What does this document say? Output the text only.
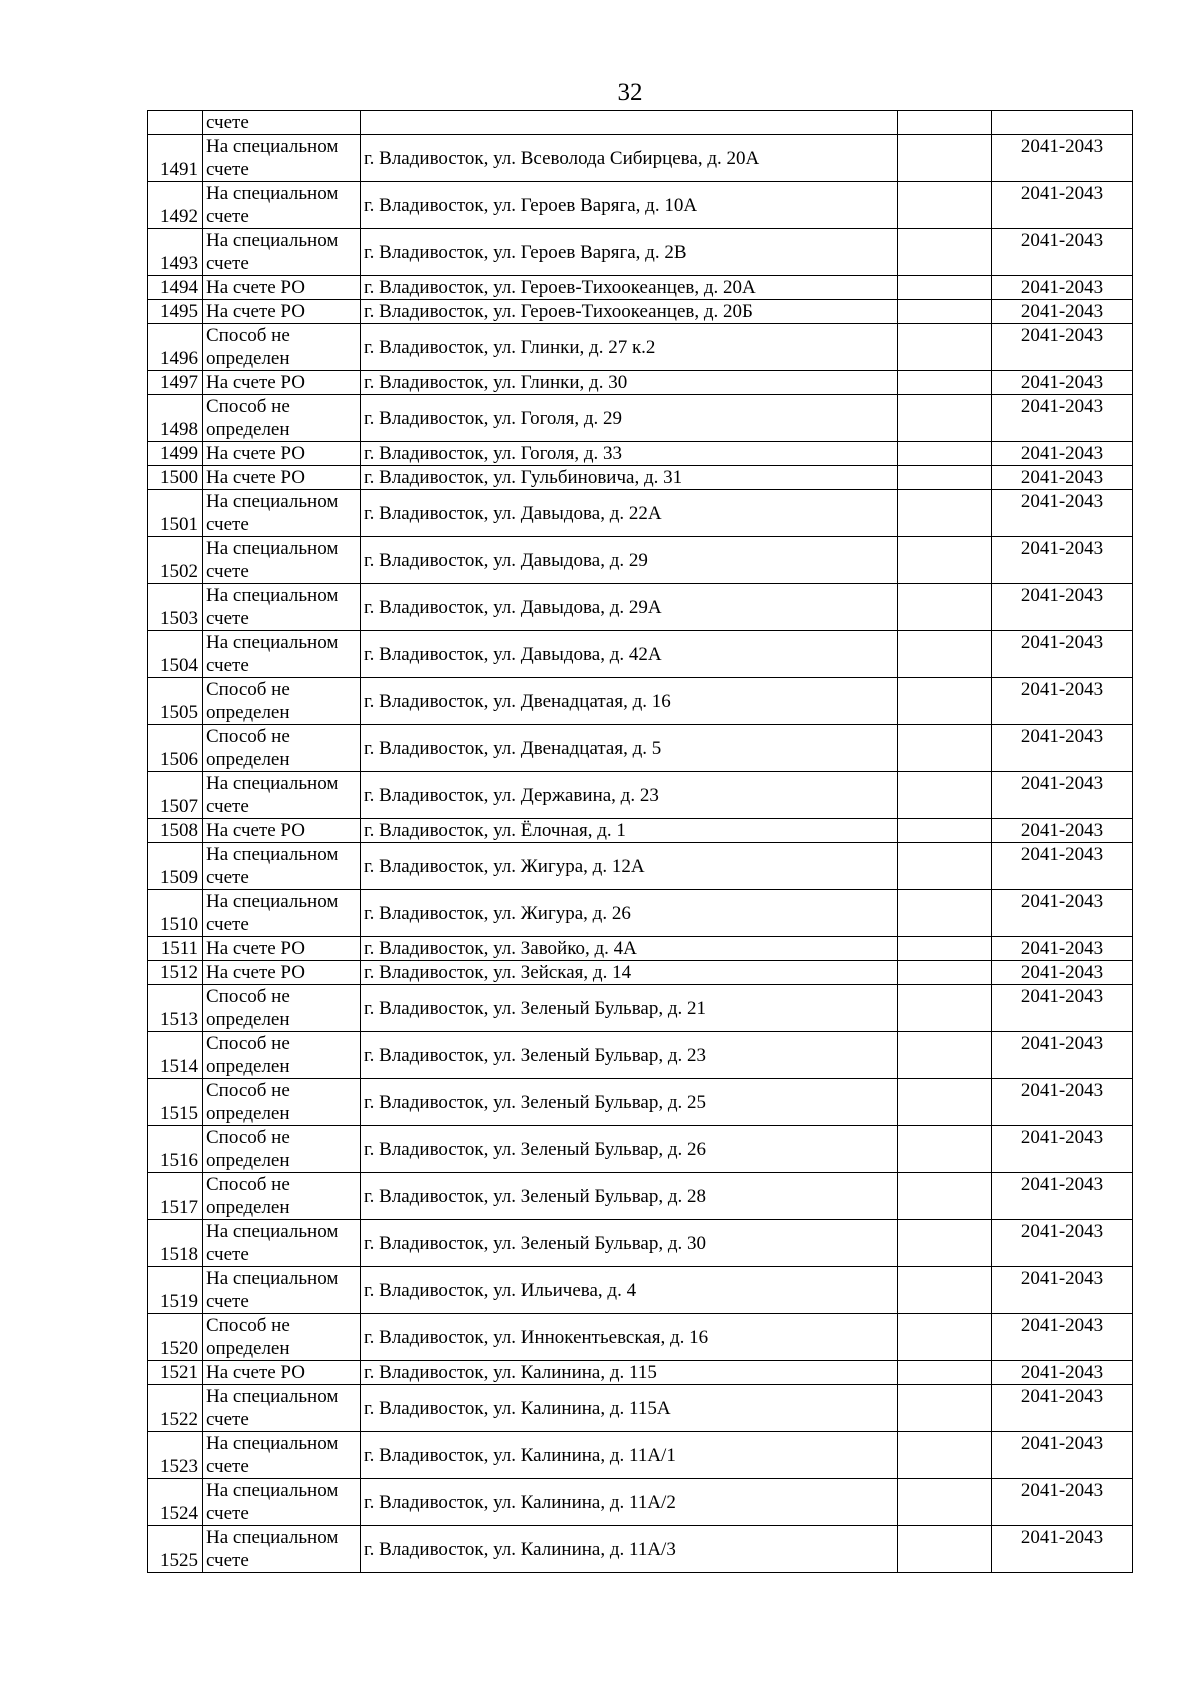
32
	счете			
1491	На специальном счете	г. Владивосток, ул. Всеволода Сибирцева, д. 20А		2041-2043
1492	На специальном счете	г. Владивосток, ул. Героев Варяга, д. 10А		2041-2043
1493	На специальном счете	г. Владивосток, ул. Героев Варяга, д. 2В		2041-2043
1494	На счете РО	г. Владивосток, ул. Героев-Тихоокеанцев, д. 20А		2041-2043
1495	На счете РО	г. Владивосток, ул. Героев-Тихоокеанцев, д. 20Б		2041-2043
1496	Способ не определен	г. Владивосток, ул. Глинки, д. 27 к.2		2041-2043
1497	На счете РО	г. Владивосток, ул. Глинки, д. 30		2041-2043
1498	Способ не определен	г. Владивосток, ул. Гоголя, д. 29		2041-2043
1499	На счете РО	г. Владивосток, ул. Гоголя, д. 33		2041-2043
1500	На счете РО	г. Владивосток, ул. Гульбиновича, д. 31		2041-2043
1501	На специальном счете	г. Владивосток, ул. Давыдова, д. 22А		2041-2043
1502	На специальном счете	г. Владивосток, ул. Давыдова, д. 29		2041-2043
1503	На специальном счете	г. Владивосток, ул. Давыдова, д. 29А		2041-2043
1504	На специальном счете	г. Владивосток, ул. Давыдова, д. 42А		2041-2043
1505	Способ не определен	г. Владивосток, ул. Двенадцатая, д. 16		2041-2043
1506	Способ не определен	г. Владивосток, ул. Двенадцатая, д. 5		2041-2043
1507	На специальном счете	г. Владивосток, ул. Державина, д. 23		2041-2043
1508	На счете РО	г. Владивосток, ул. Ёлочная, д. 1		2041-2043
1509	На специальном счете	г. Владивосток, ул. Жигура, д. 12А		2041-2043
1510	На специальном счете	г. Владивосток, ул. Жигура, д. 26		2041-2043
1511	На счете РО	г. Владивосток, ул. Завойко, д. 4А		2041-2043
1512	На счете РО	г. Владивосток, ул. Зейская, д. 14		2041-2043
1513	Способ не определен	г. Владивосток, ул. Зеленый Бульвар, д. 21		2041-2043
1514	Способ не определен	г. Владивосток, ул. Зеленый Бульвар, д. 23		2041-2043
1515	Способ не определен	г. Владивосток, ул. Зеленый Бульвар, д. 25		2041-2043
1516	Способ не определен	г. Владивосток, ул. Зеленый Бульвар, д. 26		2041-2043
1517	Способ не определен	г. Владивосток, ул. Зеленый Бульвар, д. 28		2041-2043
1518	На специальном счете	г. Владивосток, ул. Зеленый Бульвар, д. 30		2041-2043
1519	На специальном счете	г. Владивосток, ул. Ильичева, д. 4		2041-2043
1520	Способ не определен	г. Владивосток, ул. Иннокентьевская, д. 16		2041-2043
1521	На счете РО	г. Владивосток, ул. Калинина, д. 115		2041-2043
1522	На специальном счете	г. Владивосток, ул. Калинина, д. 115А		2041-2043
1523	На специальном счете	г. Владивосток, ул. Калинина, д. 11А/1		2041-2043
1524	На специальном счете	г. Владивосток, ул. Калинина, д. 11А/2		2041-2043
1525	На специальном счете	г. Владивосток, ул. Калинина, д. 11А/3		2041-2043
